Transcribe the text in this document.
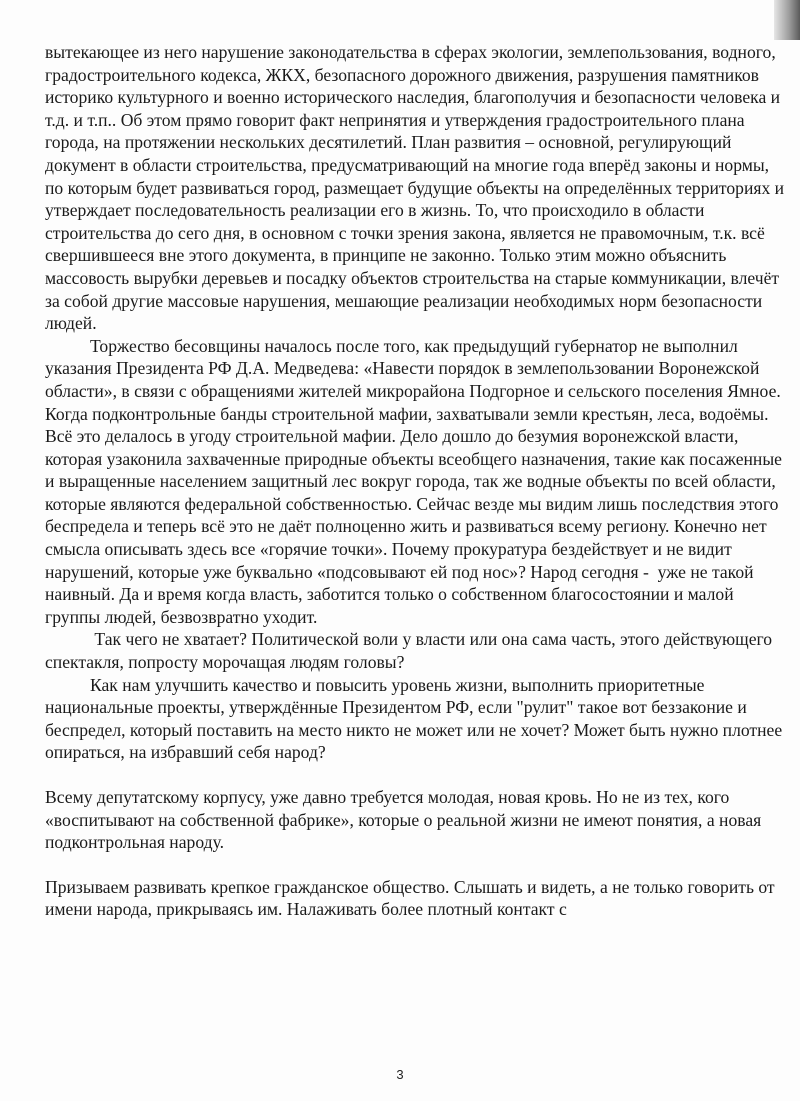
вытекающее из него нарушение законодательства в сферах экологии, землепользования, водного, градостроительного кодекса, ЖКХ, безопасного дорожного движения, разрушения памятников историко культурного и военно исторического наследия, благополучия и безопасности человека и т.д. и т.п.. Об этом прямо говорит факт непринятия и утверждения градостроительного плана города, на протяжении нескольких десятилетий. План развития – основной, регулирующий документ в области строительства, предусматривающий на многие года вперёд законы и нормы, по которым будет развиваться город, размещает будущие объекты на определённых территориях и утверждает последовательность реализации его в жизнь. То, что происходило в области строительства до сего дня, в основном с точки зрения закона, является не правомочным, т.к. всё свершившееся вне этого документа, в принципе не законно. Только этим можно объяснить массовость вырубки деревьев и посадку объектов строительства на старые коммуникации, влечёт за собой другие массовые нарушения, мешающие реализации необходимых норм безопасности людей.

Торжество бесовщины началось после того, как предыдущий губернатор не выполнил указания Президента РФ Д.А. Медведева: «Навести порядок в землепользовании Воронежской области», в связи с обращениями жителей микрорайона Подгорное и сельского поселения Ямное. Когда подконтрольные банды строительной мафии, захватывали земли крестьян, леса, водоёмы. Всё это делалось в угоду строительной мафии. Дело дошло до безумия воронежской власти, которая узаконила захваченные природные объекты всеобщего назначения, такие как посаженные и выращенные населением защитный лес вокруг города, так же водные объекты по всей области, которые являются федеральной собственностью. Сейчас везде мы видим лишь последствия этого беспредела и теперь всё это не даёт полноценно жить и развиваться всему региону. Конечно нет смысла описывать здесь все «горячие точки». Почему прокуратура бездействует и не видит нарушений, которые уже буквально «подсовывают ей под нос»? Народ сегодня -  уже не такой наивный. Да и время когда власть, заботится только о собственном благосостоянии и малой группы людей, безвозвратно уходит.

Так чего не хватает? Политической воли у власти или она сама часть, этого действующего спектакля, попросту морочащая людям головы?

Как нам улучшить качество и повысить уровень жизни, выполнить приоритетные национальные проекты, утверждённые Президентом РФ, если "рулит" такое вот беззаконие и беспредел, который поставить на место никто не может или не хочет? Может быть нужно плотнее опираться, на избравший себя народ?

Всему депутатскому корпусу, уже давно требуется молодая, новая кровь. Но не из тех, кого «воспитывают на собственной фабрике», которые о реальной жизни не имеют понятия, а новая подконтрольная народу.

Призываем развивать крепкое гражданское общество. Слышать и видеть, а не только говорить от имени народа, прикрываясь им. Налаживать более плотный контакт с

3
